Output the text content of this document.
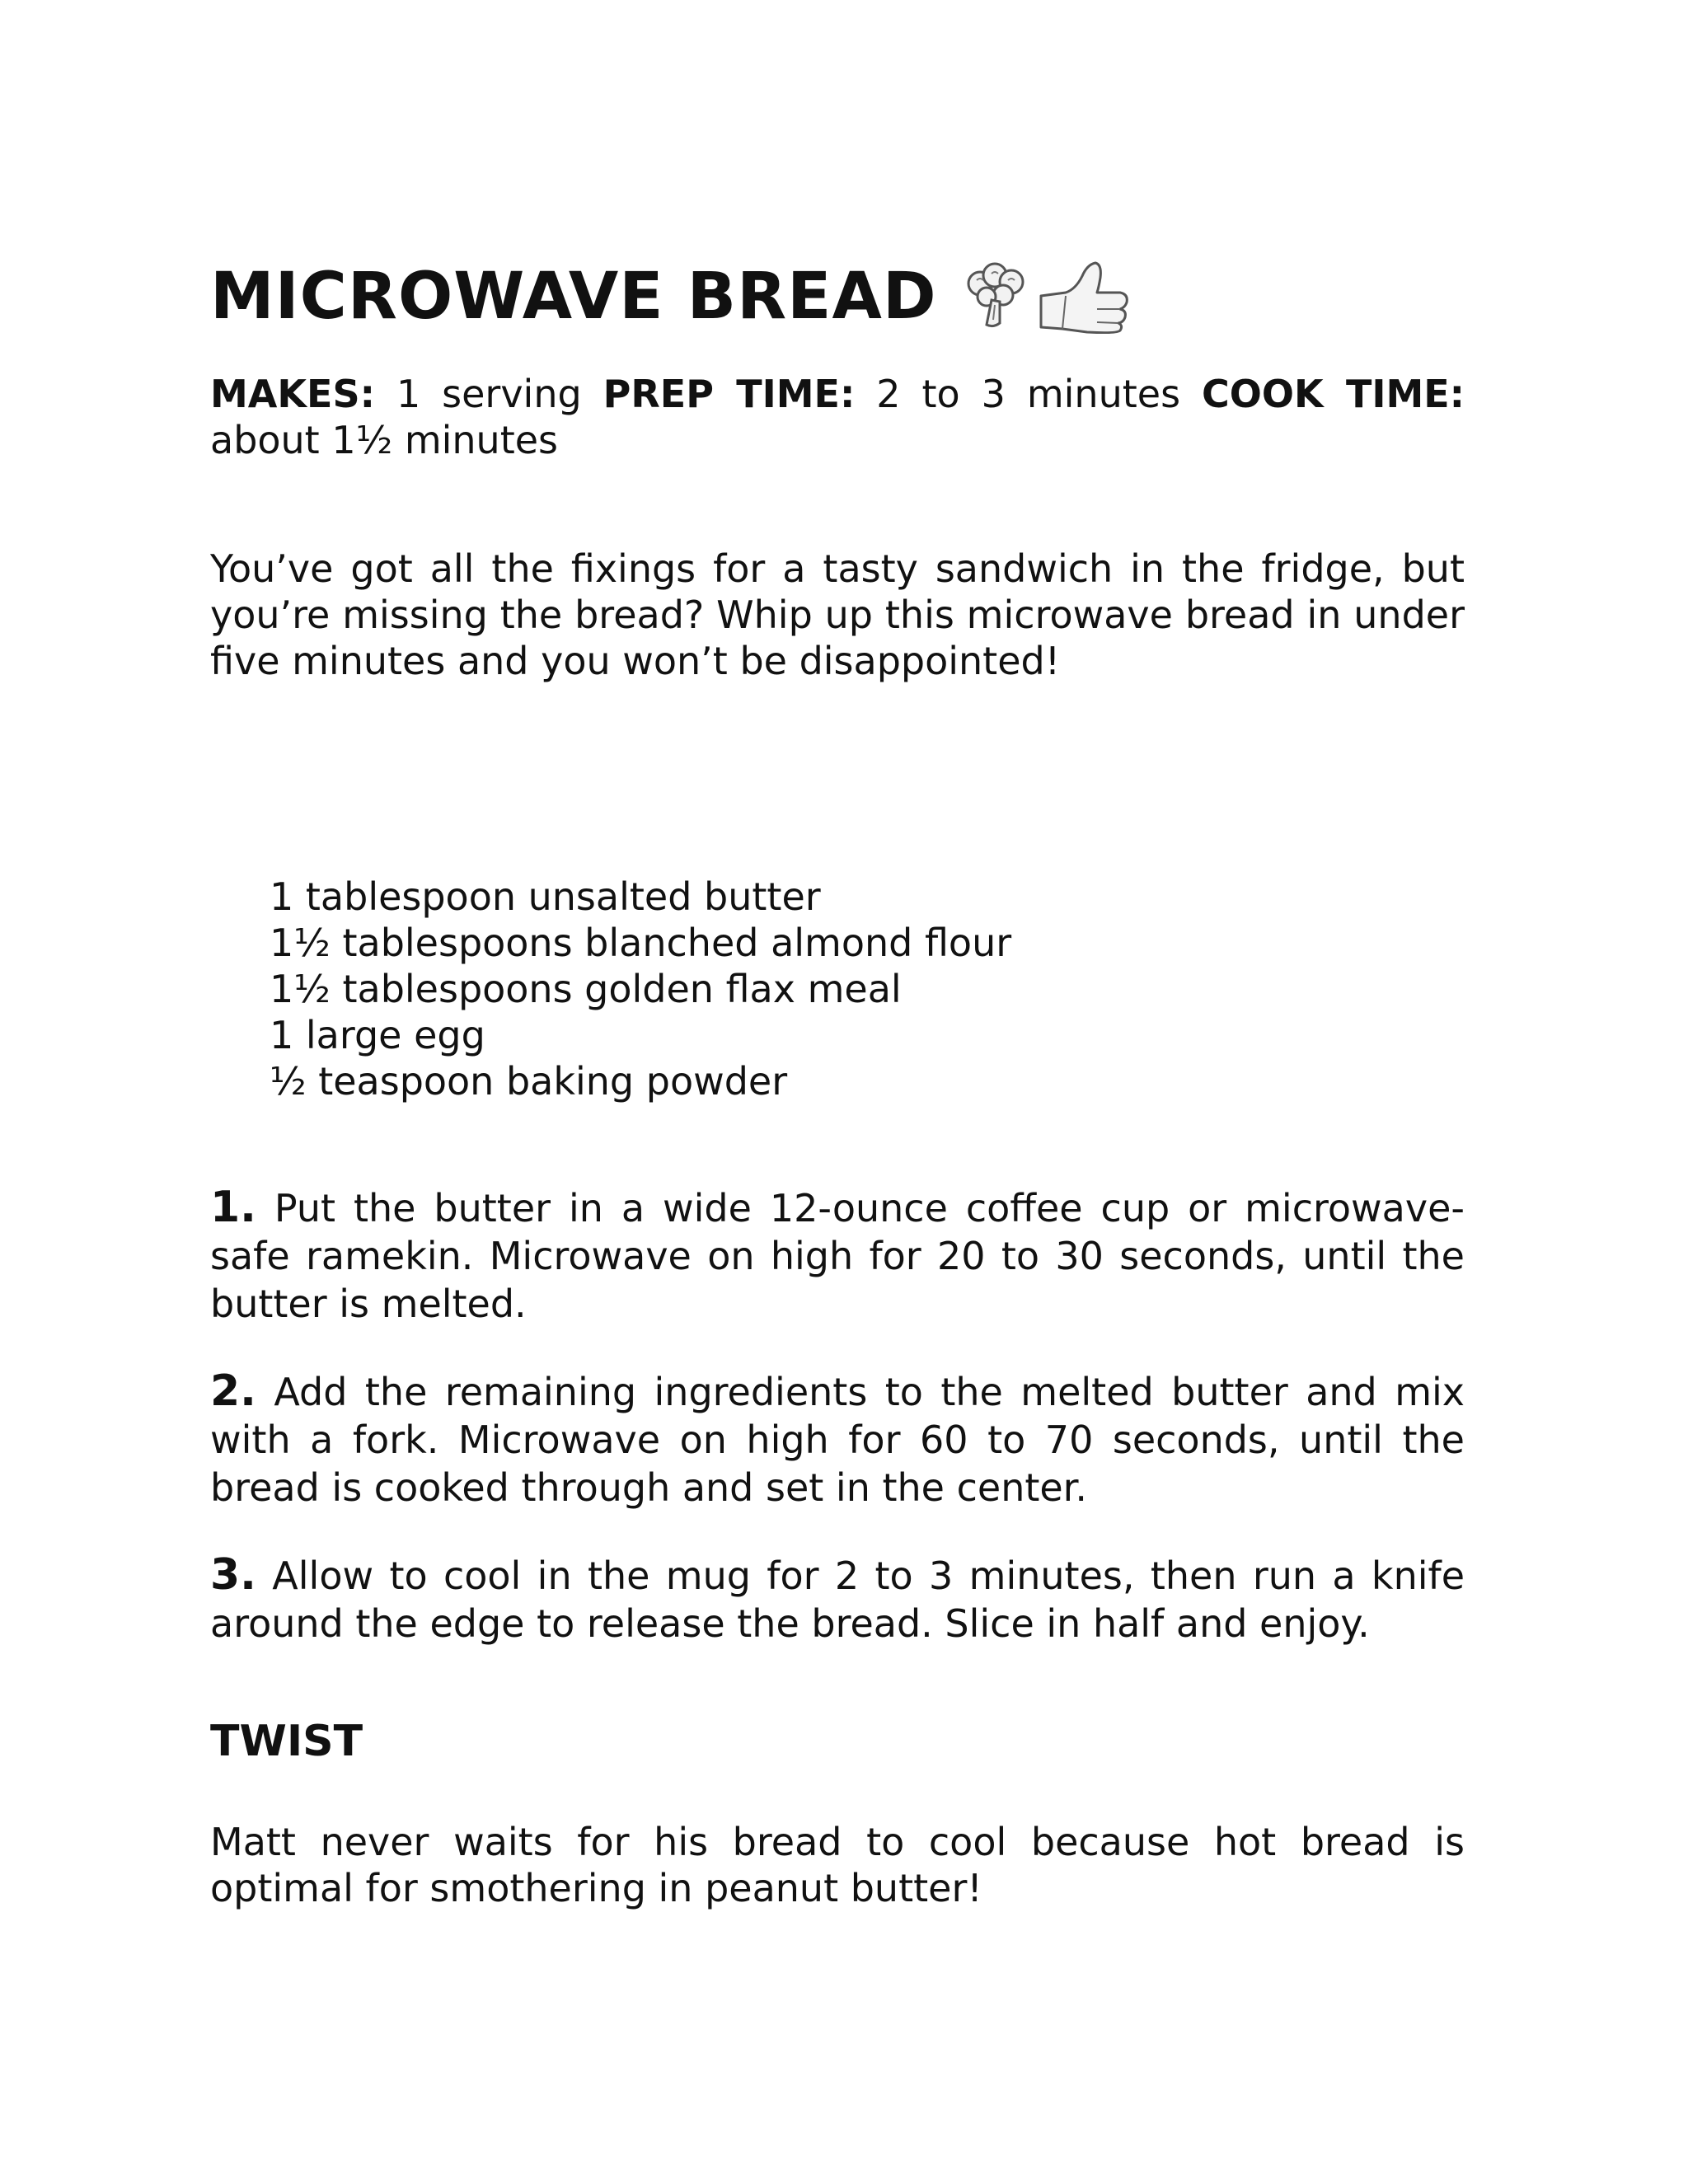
MICROWAVE BREAD
MAKES: 1 serving PREP TIME: 2 to 3 minutes COOK TIME: about 1½ minutes

You’ve got all the fixings for a tasty sandwich in the fridge, but you’re missing the bread? Whip up this microwave bread in under five minutes and you won’t be disappointed!

1 tablespoon unsalted butter
1½ tablespoons blanched almond flour
1½ tablespoons golden flax meal
1 large egg
½ teaspoon baking powder

1. Put the butter in a wide 12-ounce coffee cup or microwave-safe ramekin. Microwave on high for 20 to 30 seconds, until the butter is melted.

2. Add the remaining ingredients to the melted butter and mix with a fork. Microwave on high for 60 to 70 seconds, until the bread is cooked through and set in the center.

3. Allow to cool in the mug for 2 to 3 minutes, then run a knife around the edge to release the bread. Slice in half and enjoy.

TWIST

Matt never waits for his bread to cool because hot bread is optimal for smothering in peanut butter!
